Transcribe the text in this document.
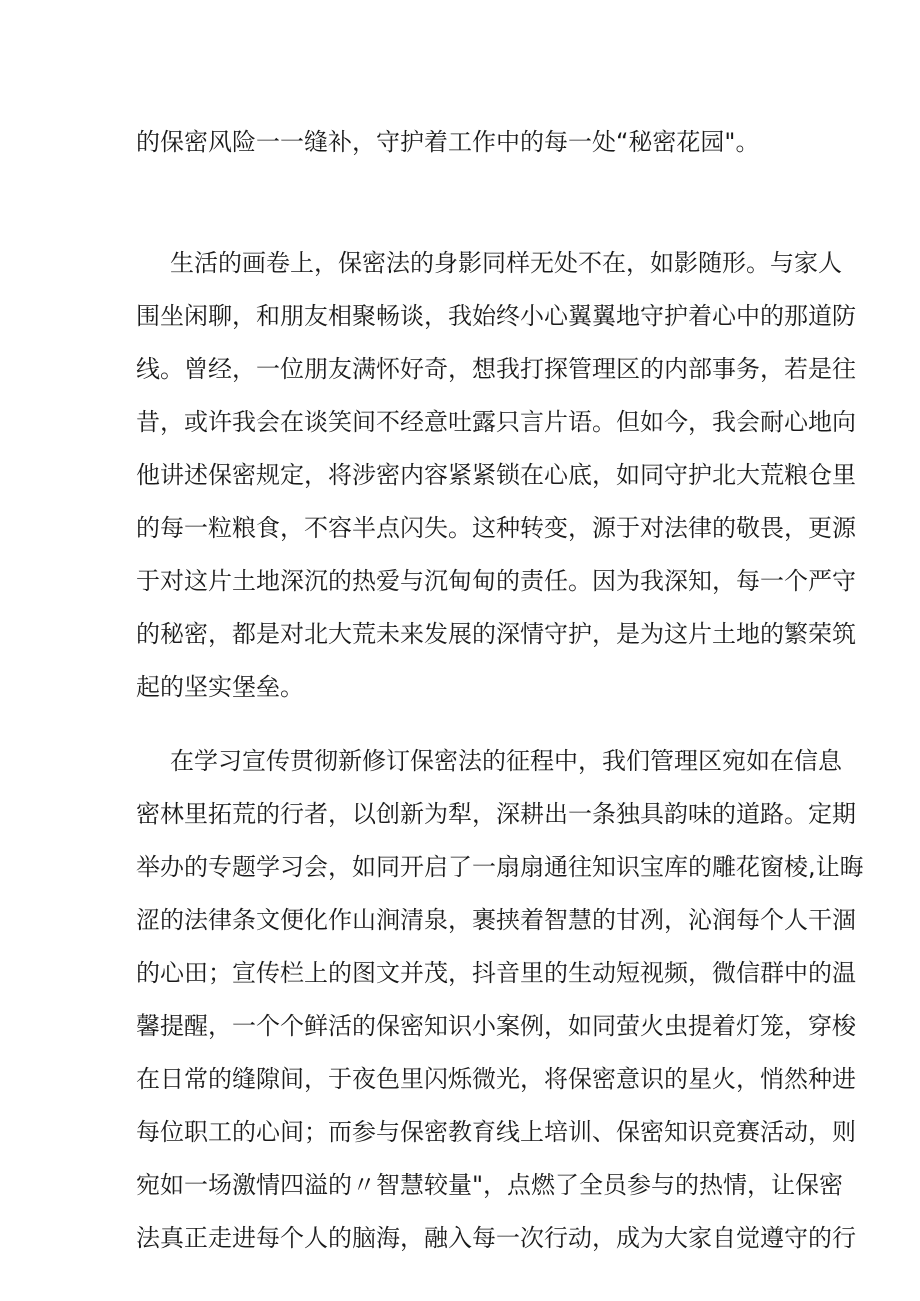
的保密风险一一缝补，守护着工作中的每一处“秘密花园"。
生活的画卷上，保密法的身影同样无处不在，如影随形。与家人
围坐闲聊，和朋友相聚畅谈，我始终小心翼翼地守护着心中的那道防
线。曾经，一位朋友满怀好奇，想我打探管理区的内部事务，若是往
昔，或许我会在谈笑间不经意吐露只言片语。但如今，我会耐心地向
他讲述保密规定，将涉密内容紧紧锁在心底，如同守护北大荒粮仓里
的每一粒粮食，不容半点闪失。这种转变，源于对法律的敬畏，更源
于对这片土地深沉的热爱与沉甸甸的责任。因为我深知，每一个严守
的秘密，都是对北大荒未来发展的深情守护，是为这片土地的繁荣筑
起的坚实堡垒。
在学习宣传贯彻新修订保密法的征程中，我们管理区宛如在信息
密林里拓荒的行者，以创新为犁，深耕出一条独具韵味的道路。定期
举办的专题学习会，如同开启了一扇扇通往知识宝库的雕花窗棱,让晦
涩的法律条文便化作山涧清泉，裹挟着智慧的甘冽，沁润每个人干涸
的心田；宣传栏上的图文并茂，抖音里的生动短视频，微信群中的温
馨提醒，一个个鲜活的保密知识小案例，如同萤火虫提着灯笼，穿梭
在日常的缝隙间，于夜色里闪烁微光，将保密意识的星火，悄然种进
每位职工的心间；而参与保密教育线上培训、保密知识竞赛活动，则
宛如一场激情四溢的〃智慧较量"，点燃了全员参与的热情，让保密
法真正走进每个人的脑海，融入每一次行动，成为大家自觉遵守的行
